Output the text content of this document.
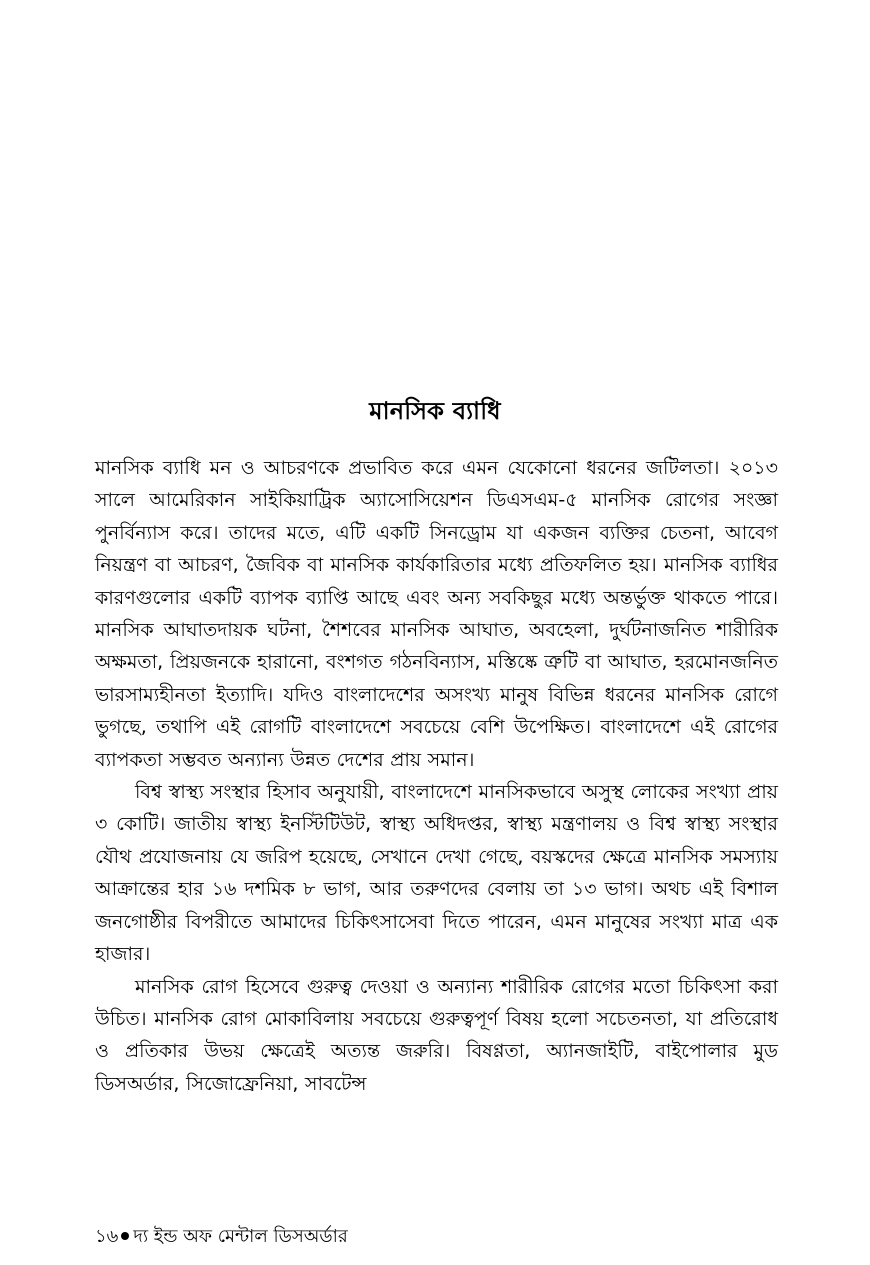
মানসিক ব্যাধি

মানসিক ব্যাধি মন ও আচরণকে প্রভাবিত করে এমন যেকোনো ধরনের জটিলতা। ২০১৩ সালে আমেরিকান সাইকিয়াট্রিক অ্যাসোসিয়েশন ডিএসএম-৫ মানসিক রোগের সংজ্ঞা পুনর্বিন্যাস করে। তাদের মতে, এটি একটি সিনড্রোম যা একজন ব্যক্তির চেতনা, আবেগ নিয়ন্ত্রণ বা আচরণ, জৈবিক বা মানসিক কার্যকারিতার মধ্যে প্রতিফলিত হয়। মানসিক ব্যাধির কারণগুলোর একটি ব্যাপক ব্যাপ্তি আছে এবং অন্য সবকিছুর মধ্যে অন্তর্ভুক্ত থাকতে পারে। মানসিক আঘাতদায়ক ঘটনা, শৈশবের মানসিক আঘাত, অবহেলা, দুর্ঘটনাজনিত শারীরিক অক্ষমতা, প্রিয়জনকে হারানো, বংশগত গঠনবিন্যাস, মস্তিষ্কে ত্রুটি বা আঘাত, হরমোনজনিত ভারসাম্যহীনতা ইত্যাদি। যদিও বাংলাদেশের অসংখ্য মানুষ বিভিন্ন ধরনের মানসিক রোগে ভুগছে, তথাপি এই রোগটি বাংলাদেশে সবচেয়ে বেশি উপেক্ষিত। বাংলাদেশে এই রোগের ব্যাপকতা সম্ভবত অন্যান্য উন্নত দেশের প্রায় সমান।

বিশ্ব স্বাস্থ্য সংস্থার হিসাব অনুযায়ী, বাংলাদেশে মানসিকভাবে অসুস্থ লোকের সংখ্যা প্রায় ৩ কোটি। জাতীয় স্বাস্থ্য ইনস্টিটিউট, স্বাস্থ্য অধিদপ্তর, স্বাস্থ্য মন্ত্রণালয় ও বিশ্ব স্বাস্থ্য সংস্থার যৌথ প্রযোজনায় যে জরিপ হয়েছে, সেখানে দেখা গেছে, বয়স্কদের ক্ষেত্রে মানসিক সমস্যায় আক্রান্তের হার ১৬ দশমিক ৮ ভাগ, আর তরুণদের বেলায় তা ১৩ ভাগ। অথচ এই বিশাল জনগোষ্ঠীর বিপরীতে আমাদের চিকিৎসাসেবা দিতে পারেন, এমন মানুষের সংখ্যা মাত্র এক হাজার।

মানসিক রোগ হিসেবে গুরুত্ব দেওয়া ও অন্যান্য শারীরিক রোগের মতো চিকিৎসা করা উচিত। মানসিক রোগ মোকাবিলায় সবচেয়ে গুরুত্বপূর্ণ বিষয় হলো সচেতনতা, যা প্রতিরোধ ও প্রতিকার উভয় ক্ষেত্রেই অত্যন্ত জরুরি। বিষণ্ণতা, অ্যানজাইটি, বাইপোলার মুড ডিসঅর্ডার, সিজোফ্রেনিয়া, সাবটেন্স

১৬ দ্য ইন্ড অফ মেন্টাল ডিসঅর্ডার
